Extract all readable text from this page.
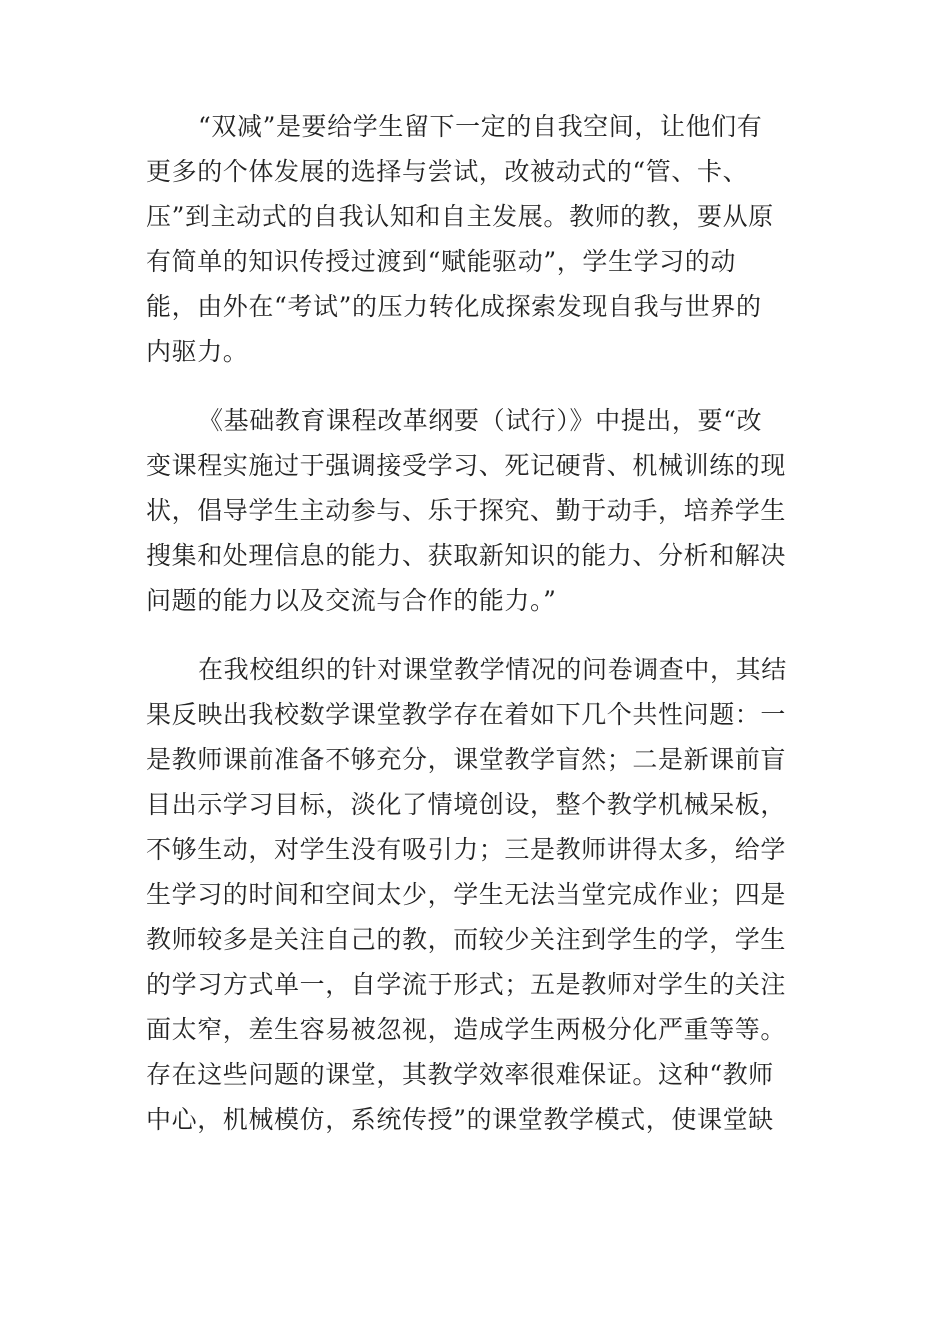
“双减”是要给学生留下一定的自我空间，让他们有
更多的个体发展的选择与尝试，改被动式的“管、卡、
压”到主动式的自我认知和自主发展。教师的教，要从原
有简单的知识传授过渡到“赋能驱动”，学生学习的动
能，由外在“考试”的压力转化成探索发现自我与世界的
内驱力。
《基础教育课程改革纲要（试行）》中提出，要“改
变课程实施过于强调接受学习、死记硬背、机械训练的现
状，倡导学生主动参与、乐于探究、勤于动手，培养学生
搜集和处理信息的能力、获取新知识的能力、分析和解决
问题的能力以及交流与合作的能力。”
在我校组织的针对课堂教学情况的问卷调查中，其结
果反映出我校数学课堂教学存在着如下几个共性问题：一
是教师课前准备不够充分，课堂教学盲然；二是新课前盲
目出示学习目标，淡化了情境创设，整个教学机械呆板，
不够生动，对学生没有吸引力；三是教师讲得太多，给学
生学习的时间和空间太少，学生无法当堂完成作业；四是
教师较多是关注自己的教，而较少关注到学生的学，学生
的学习方式单一，自学流于形式；五是教师对学生的关注
面太窄，差生容易被忽视，造成学生两极分化严重等等。
存在这些问题的课堂，其教学效率很难保证。这种“教师
中心，机械模仿，系统传授”的课堂教学模式，使课堂缺
